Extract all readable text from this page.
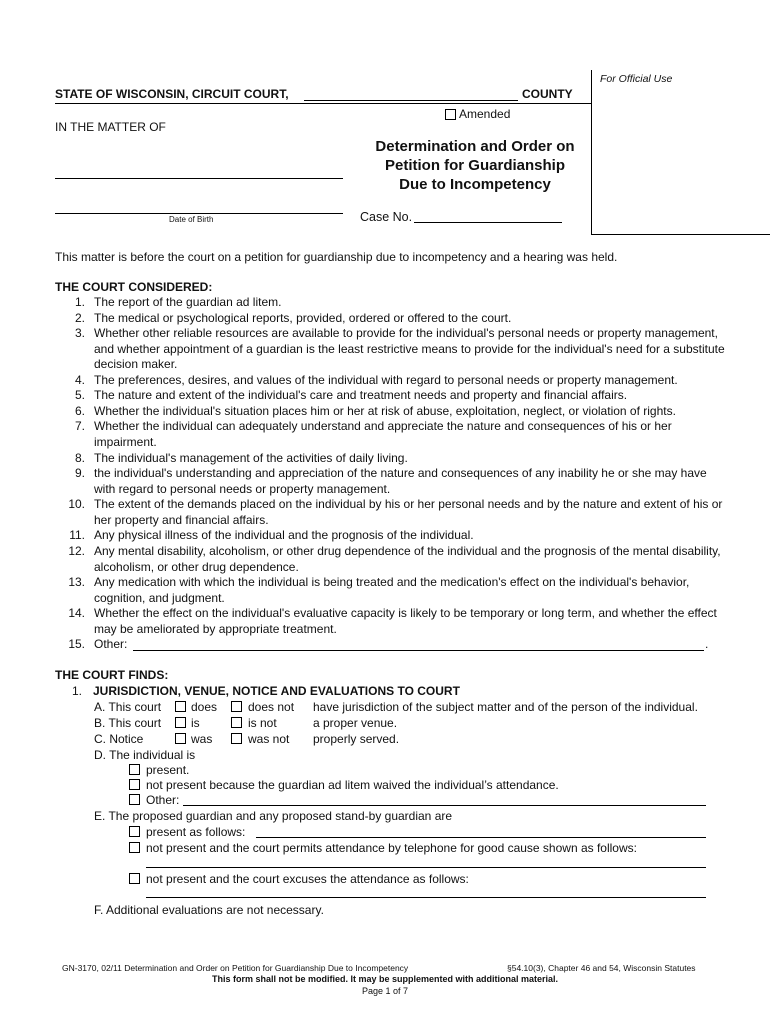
For Official Use
STATE OF WISCONSIN, CIRCUIT COURT,	COUNTY
Amended
IN THE MATTER OF
Date of Birth
Determination and Order on
Petition for Guardianship
Due to Incompetency
Case No.
This matter is before the court on a petition for guardianship due to incompetency and a hearing was held.
THE COURT CONSIDERED:
1. The report of the guardian ad litem.
2. The medical or psychological reports, provided, ordered or offered to the court.
3. Whether other reliable resources are available to provide for the individual's personal needs or property management, and whether appointment of a guardian is the least restrictive means to provide for the individual's need for a substitute decision maker.
4. The preferences, desires, and values of the individual with regard to personal needs or property management.
5. The nature and extent of the individual's care and treatment needs and property and financial affairs.
6. Whether the individual's situation places him or her at risk of abuse, exploitation, neglect, or violation of rights.
7. Whether the individual can adequately understand and appreciate the nature and consequences of his or her impairment.
8. The individual's management of the activities of daily living.
9. the individual's understanding and appreciation of the nature and consequences of any inability he or she may have with regard to personal needs or property management.
10. The extent of the demands placed on the individual by his or her personal needs and by the nature and extent of his or her property and financial affairs.
11. Any physical illness of the individual and the prognosis of the individual.
12. Any mental disability, alcoholism, or other drug dependence of the individual and the prognosis of the mental disability, alcoholism, or other drug dependence.
13. Any medication with which the individual is being treated and the medication's effect on the individual's behavior, cognition, and judgment.
14. Whether the effect on the individual's evaluative capacity is likely to be temporary or long term, and whether the effect may be ameliorated by appropriate treatment.
15. Other:	.
THE COURT FINDS:
1. JURISDICTION, VENUE, NOTICE AND EVALUATIONS TO COURT
A. This court does	does not have jurisdiction of the subject matter and of the person of the individual.
B. This court is	is not	a proper venue.
C. Notice	was	was not properly served.
D. The individual is
present.
not present because the guardian ad litem waived the individual’s attendance.
Other:
E. The proposed guardian and any proposed stand-by guardian are
present as follows:
not present and the court permits attendance by telephone for good cause shown as follows:
not present and the court excuses the attendance as follows:
F. Additional evaluations are not necessary.
GN-3170, 02/11 Determination and Order on Petition for Guardianship Due to Incompetency	§54.10(3), Chapter 46 and 54, Wisconsin Statutes
This form shall not be modified. It may be supplemented with additional material.
Page 1 of 7
